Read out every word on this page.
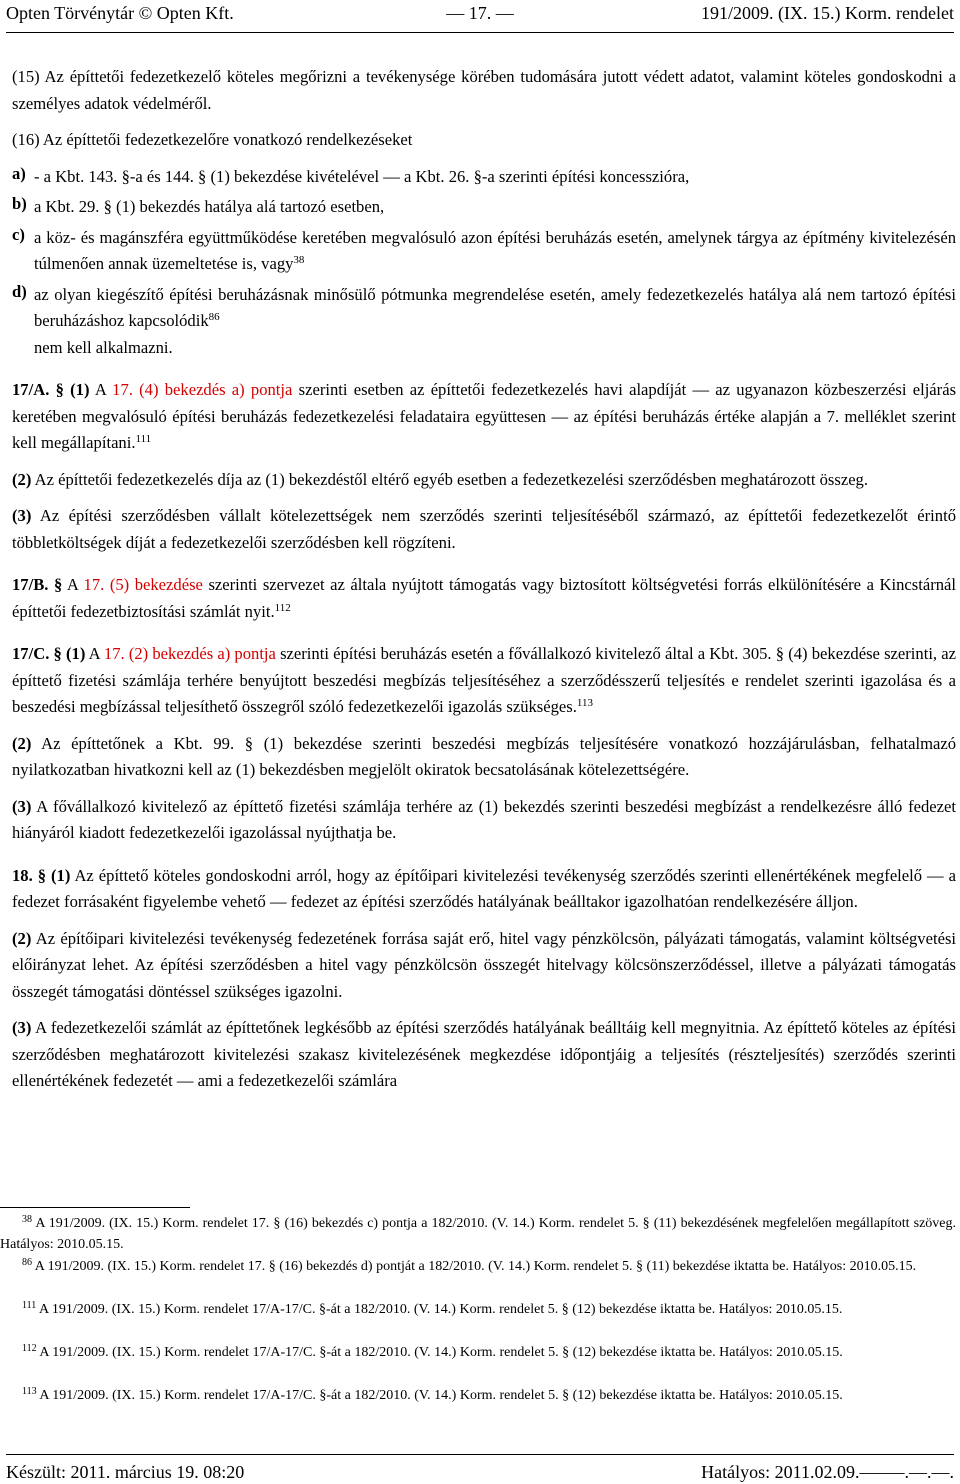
Opten Törvénytár © Opten Kft.	— 17. —	191/2009. (IX. 15.) Korm. rendelet

(15) Az építtetői fedezetkezelő köteles megőrizni a tevékenysége körében tudomására jutott védett adatot, valamint köteles gondoskodni a személyes adatok védelméről.

(16) Az építtetői fedezetkezelőre vonatkozó rendelkezéseket

a) - a Kbt. 143. §-a és 144. § (1) bekezdése kivételével — a Kbt. 26. §-a szerinti építési koncesszióra,

b) a Kbt. 29. § (1) bekezdés hatálya alá tartozó esetben,

c) a köz- és magánszféra együttműködése keretében megvalósuló azon építési beruházás esetén, amelynek tárgya az építmény kivitelezésén túlmenően annak üzemeltetése is, vagy$^{38}$

d) az olyan kiegészítő építési beruházásnak minősülő pótmunka megrendelése esetén, amely fedezetkezelés hatálya alá nem tartozó építési beruházáshoz kapcsolódik$^{86}$

nem kell alkalmazni.

17/A. § (1) A 17. (4) bekezdés a) pontja szerinti esetben az építtetői fedezetkezelés havi alapdíját — az ugyanazon közbeszerzési eljárás keretében megvalósuló építési beruházás fedezetkezelési feladataira együttesen — az építési beruházás értéke alapján a 7. melléklet szerint kell megállapítani.$^{111}$

(2) Az építtetői fedezetkezelés díja az (1) bekezdéstől eltérő egyéb esetben a fedezetkezelési szerződésben meghatározott összeg.

(3) Az építési szerződésben vállalt kötelezettségek nem szerződés szerinti teljesítéséből származó, az építtetői fedezetkezelőt érintő többletköltségek díját a fedezetkezelői szerződésben kell rögzíteni.

17/B. § A 17. (5) bekezdése szerinti szervezet az általa nyújtott támogatás vagy biztosított költségvetési forrás elkülönítésére a Kincstárnál építtetői fedezetbiztosítási számlát nyit.$^{112}$

17/C. § (1) A 17. (2) bekezdés a) pontja szerinti építési beruházás esetén a fővállalkozó kivitelező által a Kbt. 305. § (4) bekezdése szerinti, az építtető fizetési számlája terhére benyújtott beszedési megbízás teljesítéséhez a szerződésszerű teljesítés e rendelet szerinti igazolása és a beszedési megbízással teljesíthető összegről szóló fedezetkezelői igazolás szükséges.$^{113}$

(2) Az építtetőnek a Kbt. 99. § (1) bekezdése szerinti beszedési megbízás teljesítésére vonatkozó hozzájárulásban, felhatalmazó nyilatkozatban hivatkozni kell az (1) bekezdésben megjelölt okiratok becsatolásának kötelezettségére.

(3) A fővállalkozó kivitelező az építtető fizetési számlája terhére az (1) bekezdés szerinti beszedési megbízást a rendelkezésre álló fedezet hiányáról kiadott fedezetkezelői igazolással nyújthatja be.

18. § (1) Az építtető köteles gondoskodni arról, hogy az építőipari kivitelezési tevékenység szerződés szerinti ellenértékének megfelelő — a fedezet forrásaként figyelembe vehető — fedezet az építési szerződés hatályának beálltakor igazolhatóan rendelkezésére álljon.

(2) Az építőipari kivitelezési tevékenység fedezetének forrása saját erő, hitel vagy pénzkölcsön, pályázati támogatás, valamint költségvetési előirányzat lehet. Az építési szerződésben a hitel vagy pénzkölcsön összegét hitelvagy kölcsönszerződéssel, illetve a pályázati támogatás összegét támogatási döntéssel szükséges igazolni.

(3) A fedezetkezelői számlát az építtetőnek legkésőbb az építési szerződés hatályának beálltáig kell megnyitnia. Az építtető köteles az építési szerződésben meghatározott kivitelezési szakasz kivitelezésének megkezdése időpontjáig a teljesítés (részteljesítés) szerződés szerinti ellenértékének fedezetét — ami a fedezetkezelői számlára

$^{38}$ A 191/2009. (IX. 15.) Korm. rendelet 17. § (16) bekezdés c) pontja a 182/2010. (V. 14.) Korm. rendelet 5. § (11) bekezdésének megfelelően megállapított szöveg. Hatályos: 2010.05.15.
$^{86}$ A 191/2009. (IX. 15.) Korm. rendelet 17. § (16) bekezdés d) pontját a 182/2010. (V. 14.) Korm. rendelet 5. § (11) bekezdése iktatta be. Hatályos: 2010.05.15.
$^{111}$ A 191/2009. (IX. 15.) Korm. rendelet 17/A-17/C. §-át a 182/2010. (V. 14.) Korm. rendelet 5. § (12) bekezdése iktatta be. Hatályos: 2010.05.15.
$^{112}$ A 191/2009. (IX. 15.) Korm. rendelet 17/A-17/C. §-át a 182/2010. (V. 14.) Korm. rendelet 5. § (12) bekezdése iktatta be. Hatályos: 2010.05.15.
$^{113}$ A 191/2009. (IX. 15.) Korm. rendelet 17/A-17/C. §-át a 182/2010. (V. 14.) Korm. rendelet 5. § (12) bekezdése iktatta be. Hatályos: 2010.05.15.
Készült: 2011. március 19. 08:20	Hatályos: 2011.02.09.–––––.––.––.
